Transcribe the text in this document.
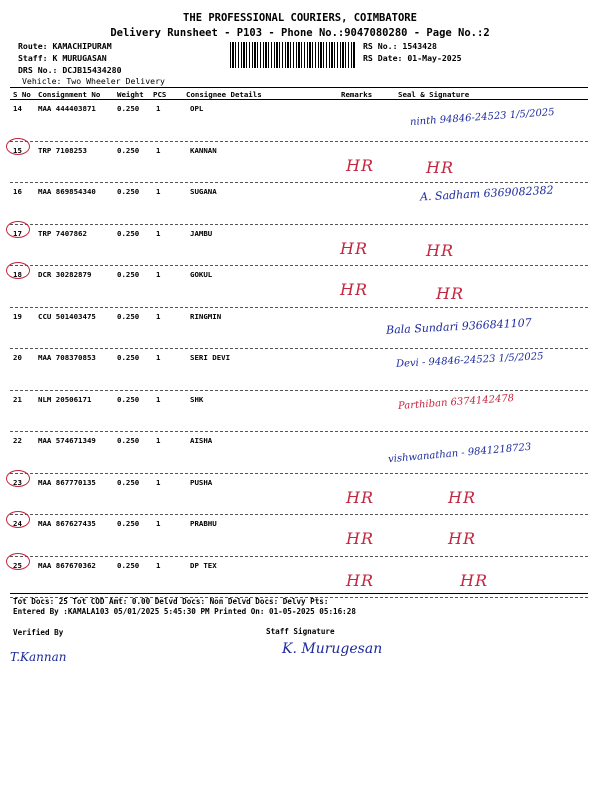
THE PROFESSIONAL COURIERS, COIMBATORE
Delivery Runsheet - P103 - Phone No.:9047080280 - Page No.:2
Route: KAMACHIPURAM
Staff: K MURUGASAN
DRS No.: DCJB15434280
Vehicle: Two Wheeler Delivery
RS No.: 1543428
RS Date: 01-May-2025
S No Consignment No Weight PCS	Consignee Details	Remarks	Seal & Signature
14 MAA 444403871	0.250 1	OPL	ninth 94846-24523 1/5/2025
15 TRP 7108253	0.250 1	KANNAN
HR	HR
16 MAA 869854340	0.250 1	SUGANA	A. Sadham 6369082382
17 TRP 7407862	0.250 1	JAMBU
HR	HR
18 DCR 30282879	0.250 1	GOKUL
HR	HR
19 CCU 501403475	0.250 1	RINGMIN	Bala Sundari 9366841107
20 MAA 708370853	0.250 1	SERI DEVI	Devi - 94846-24523 1/5/2025
21 NLM 20506171	0.250 1	SHK	Parthiban 6374142478
22 MAA 574671349	0.250 1	AISHA
vishwanathan - 9841218723
23 MAA 867770135	0.250 1	PUSHA
HR	HR
24 MAA 867627435	0.250 1	PRABHU
HR	HR
25 MAA 867670362	0.250 1	DP TEX
HR	HR
Tot Docs: 25 Tot COD Amt: 0.00 Delvd Docs: Non Delvd Docs: Delvy Pts:
Entered By :KAMALA103 05/01/2025 5:45:30 PM Printed On: 01-05-2025 05:16:28
Verified By	Staff Signature
T.Kannan	K. Murugesan
